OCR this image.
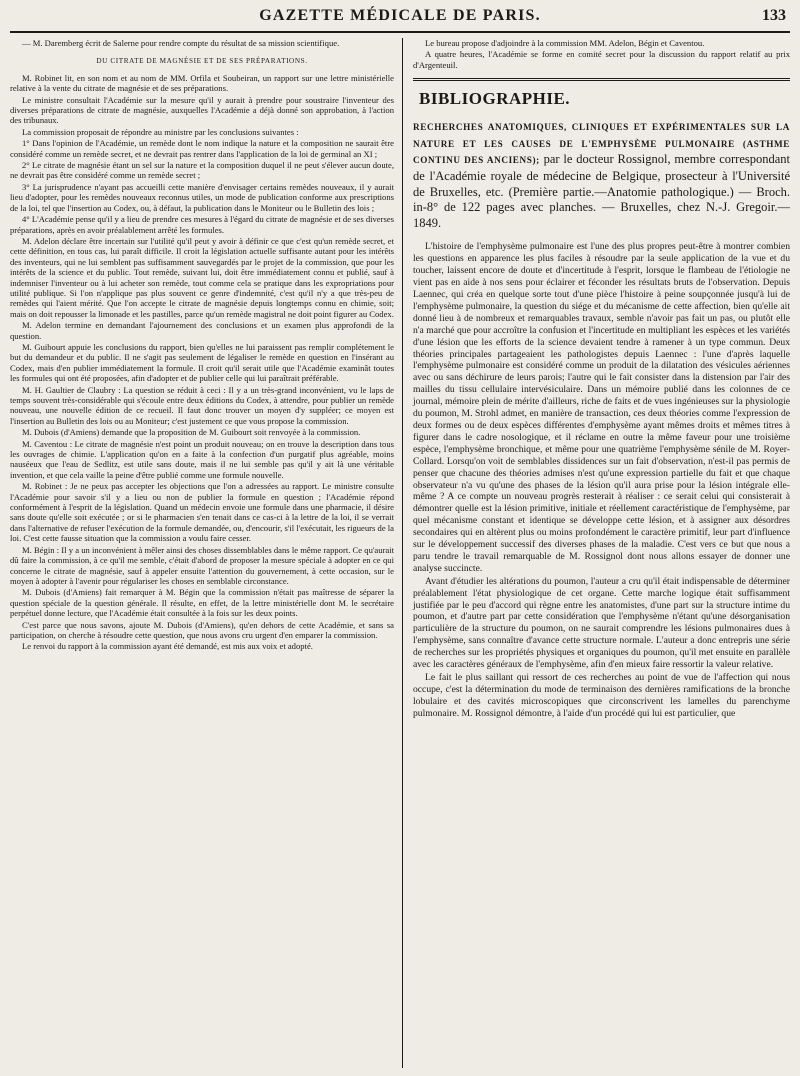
GAZETTE MÉDICALE DE PARIS.	133

— M. Daremberg écrit de Salerne pour rendre compte du résultat de sa mission scientifique.

DU CITRATE DE MAGNÉSIE ET DE SES PRÉPARATIONS.

M. Robinet lit, en son nom et au nom de MM. Orfila et Soubeiran, un rapport sur une lettre ministérielle relative à la vente du citrate de magnésie et de ses préparations.

Le ministre consultait l'Académie sur la mesure qu'il y aurait à prendre pour soustraire l'inventeur des diverses préparations de citrate de magnésie, auxquelles l'Académie a déjà donné son approbation, à l'action des tribunaux.

La commission proposait de répondre au ministre par les conclusions suivantes :

1° Dans l'opinion de l'Académie, un remède dont le nom indique la nature et la composition ne saurait être considéré comme un remède secret, et ne devrait pas rentrer dans l'application de la loi de germinal an XI ;

2° Le citrate de magnésie étant un sel sur la nature et la composition duquel il ne peut s'élever aucun doute, ne devrait pas être considéré comme un remède secret ;

3° La jurisprudence n'ayant pas accueilli cette manière d'envisager certains remèdes nouveaux, il y aurait lieu d'adopter, pour les remèdes nouveaux reconnus utiles, un mode de publication conforme aux prescriptions de la loi, tel que l'insertion au Codex, ou, à défaut, la publication dans le Moniteur ou le Bulletin des lois ;

4° L'Académie pense qu'il y a lieu de prendre ces mesures à l'égard du citrate de magnésie et de ses diverses préparations, après en avoir préalablement arrêté les formules.

M. Adelon déclare être incertain sur l'utilité qu'il peut y avoir à définir ce que c'est qu'un remède secret, et cette définition, en tous cas, lui paraît difficile. Il croit la législation actuelle suffisante autant pour les intérêts des inventeurs, qui ne lui semblent pas suffisamment sauvegardés par le projet de la commission, que pour les intérêts de la science et du public. Tout remède, suivant lui, doit être immédiatement connu et publié, sauf à indemniser l'inventeur ou à lui acheter son remède, tout comme cela se pratique dans les expropriations pour utilité publique. Si l'on n'applique pas plus souvent ce genre d'indemnité, c'est qu'il n'y a que très-peu de remèdes qui l'aient mérité. Que l'on accepte le citrate de magnésie depuis longtemps connu en chimie, soit; mais on doit repousser la limonade et les pastilles, parce qu'un remède magistral ne doit point figurer au Codex.

M. Adelon termine en demandant l'ajournement des conclusions et un examen plus approfondi de la question.

M. Guibourt appuie les conclusions du rapport, bien qu'elles ne lui paraissent pas remplir complétement le but du demandeur et du public. Il ne s'agit pas seulement de légaliser le remède en question en l'insérant au Codex, mais d'en publier immédiatement la formule. Il croit qu'il serait utile que l'Académie examinât toutes les formules qui ont été proposées, afin d'adopter et de publier celle qui lui paraîtrait préférable.

M. H. Gaultier de Claubry : La question se réduit à ceci : Il y a un très-grand inconvénient, vu le laps de temps souvent très-considérable qui s'écoule entre deux éditions du Codex, à attendre, pour publier un remède nouveau, une nouvelle édition de ce recueil. Il faut donc trouver un moyen d'y suppléer; ce moyen est l'insertion au Bulletin des lois ou au Moniteur; c'est justement ce que vous propose la commission.

M. Dubois (d'Amiens) demande que la proposition de M. Guibourt soit renvoyée à la commission.

M. Caventou : Le citrate de magnésie n'est point un produit nouveau; on en trouve la description dans tous les ouvrages de chimie. L'application qu'on en a faite à la confection d'un purgatif plus agréable, moins nauséeux que l'eau de Sedlitz, est utile sans doute, mais il ne lui semble pas qu'il y ait là une véritable invention, et que cela vaille la peine d'être publié comme une formule nouvelle.

M. Robinet : Je ne peux pas accepter les objections que l'on a adressées au rapport. Le ministre consulte l'Académie pour savoir s'il y a lieu ou non de publier la formule en question ; l'Académie répond conformément à l'esprit de la législation. Quand un médecin envoie une formule dans une pharmacie, il désire sans doute qu'elle soit exécutée ; or si le pharmacien s'en tenait dans ce cas-ci à la lettre de la loi, il se verrait dans l'alternative de refuser l'exécution de la formule demandée, ou, d'encourir, s'il l'exécutait, les rigueurs de la loi. C'est cette fausse situation que la commission a voulu faire cesser.

M. Bégin : Il y a un inconvénient à mêler ainsi des choses dissemblables dans le même rapport. Ce qu'aurait dû faire la commission, à ce qu'il me semble, c'était d'abord de proposer la mesure spéciale à adopter en ce qui concerne le citrate de magnésie, sauf à appeler ensuite l'attention du gouvernement, à cette occasion, sur le moyen à adopter à l'avenir pour régulariser les choses en semblable circonstance.

M. Dubois (d'Amiens) fait remarquer à M. Bégin que la commission n'était pas maîtresse de séparer la question spéciale de la question générale. Il résulte, en effet, de la lettre ministérielle dont M. le secrétaire perpétuel donne lecture, que l'Académie était consultée à la fois sur les deux points.

C'est parce que nous savons, ajoute M. Dubois (d'Amiens), qu'en dehors de cette Académie, et sans sa participation, on cherche à résoudre cette question, que nous avons cru urgent d'en emparer la commission.

Le renvoi du rapport à la commission ayant été demandé, est mis aux voix et adopté.

Le bureau propose d'adjoindre à la commission MM. Adelon, Bégin et Caventou.

A quatre heures, l'Académie se forme en comité secret pour la discussion du rapport relatif au prix d'Argenteuil.

BIBLIOGRAPHIE.

RECHERCHES ANATOMIQUES, CLINIQUES ET EXPÉRIMENTALES SUR LA NATURE ET LES CAUSES DE L'EMPHYSÈME PULMONAIRE (ASTHME CONTINU DES ANCIENS); par le docteur Rossignol, membre correspondant de l'Académie royale de médecine de Belgique, prosecteur à l'Université de Bruxelles, etc. (Première partie.—Anatomie pathologique.) — Broch. in-8° de 122 pages avec planches. — Bruxelles, chez N.-J. Gregoir.—1849.

L'histoire de l'emphysème pulmonaire est l'une des plus propres peut-être à montrer combien les questions en apparence les plus faciles à résoudre par la seule application de la vue et du toucher, laissent encore de doute et d'incertitude à l'esprit, lorsque le flambeau de l'étiologie ne vient pas en aide à nos sens pour éclairer et féconder les résultats bruts de l'observation. Depuis Laennec, qui créa en quelque sorte tout d'une pièce l'histoire à peine soupçonnée jusqu'à lui de l'emphysème pulmonaire, la question du siége et du mécanisme de cette affection, bien qu'elle ait donné lieu à de nombreux et remarquables travaux, semble n'avoir pas fait un pas, ou plutôt elle n'a marché que pour accroître la confusion et l'incertitude en multipliant les espèces et les variétés d'une lésion que les efforts de la science devaient tendre à ramener à un type commun. Deux théories principales partageaient les pathologistes depuis Laennec : l'une d'après laquelle l'emphysème pulmonaire est considéré comme un produit de la dilatation des vésicules aériennes avec ou sans déchirure de leurs parois; l'autre qui le fait consister dans la distension par l'air des mailles du tissu cellulaire intervésiculaire. Dans un mémoire publié dans les colonnes de ce journal, mémoire plein de mérite d'ailleurs, riche de faits et de vues ingénieuses sur la physiologie du poumon, M. Strohl admet, en manière de transaction, ces deux théories comme l'expression de deux formes ou de deux espèces différentes d'emphysème ayant mêmes droits et mêmes titres à figurer dans le cadre nosologique, et il réclame en outre la même faveur pour une troisième espèce, l'emphysème bronchique, et même pour une quatrième l'emphysème sénile de M. Royer-Collard. Lorsqu'on voit de semblables dissidences sur un fait d'observation, n'est-il pas permis de penser que chacune des théories admises n'est qu'une expression partielle du fait et que chaque observateur n'a vu qu'une des phases de la lésion qu'il aura prise pour la lésion intégrale elle-même ? A ce compte un nouveau progrès resterait à réaliser : ce serait celui qui consisterait à démontrer quelle est la lésion primitive, initiale et réellement caractéristique de l'emphysème, par quel mécanisme constant et identique se développe cette lésion, et à assigner aux désordres secondaires qui en altèrent plus ou moins profondément le caractère primitif, leur part d'influence sur le développement successif des diverses phases de la maladie. C'est vers ce but que nous a paru tendre le travail remarquable de M. Rossignol dont nous allons essayer de donner une analyse succincte.

Avant d'étudier les altérations du poumon, l'auteur a cru qu'il était indispensable de déterminer préalablement l'état physiologique de cet organe. Cette marche logique était suffisamment justifiée par le peu d'accord qui règne entre les anatomistes, d'une part sur la structure intime du poumon, et d'autre part par cette considération que l'emphysème n'étant qu'une désorganisation particulière de la structure du poumon, on ne saurait comprendre les lésions pulmonaires dues à l'emphysème, sans connaître d'avance cette structure normale. L'auteur a donc entrepris une série de recherches sur les propriétés physiques et organiques du poumon, qu'il met ensuite en parallèle avec les caractères généraux de l'emphysème, afin d'en mieux faire ressortir la valeur relative.

Le fait le plus saillant qui ressort de ces recherches au point de vue de l'affection qui nous occupe, c'est la détermination du mode de terminaison des dernières ramifications de la bronche lobulaire et des cavités microscopiques que circonscrivent les lamelles du parenchyme pulmonaire. M. Rossignol démontre, à l'aide d'un procédé qui lui est particulier, que
